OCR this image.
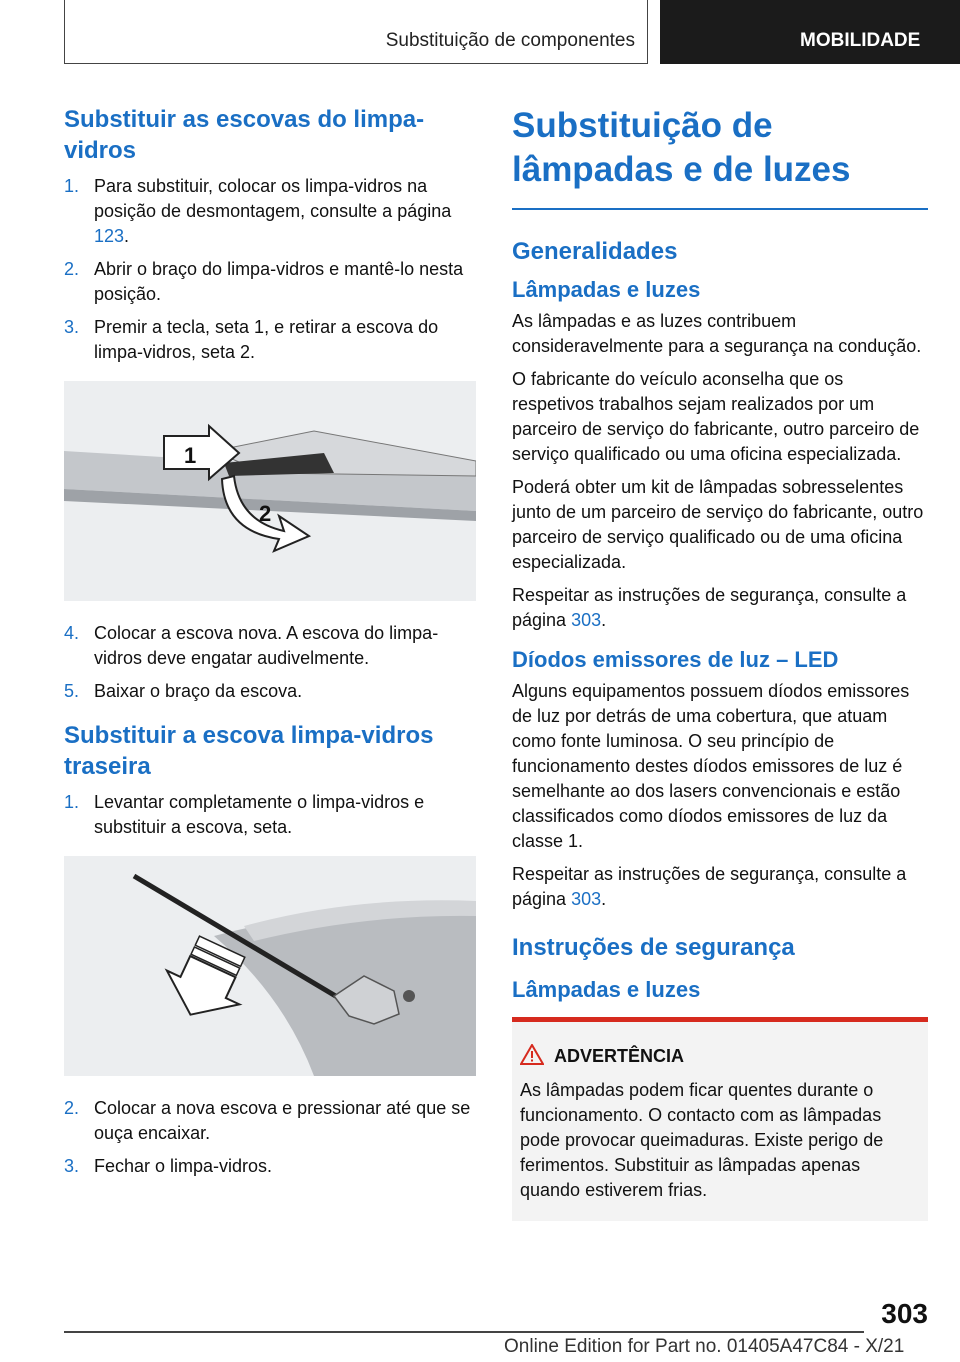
Substituição de componentes	MOBILIDADE
Substituir as escovas do limpa-vidros
1. Para substituir, colocar os limpa-vidros na posição de desmontagem, consulte a página 123.
2. Abrir o braço do limpa-vidros e mantê-lo nesta posição.
3. Premir a tecla, seta 1, e retirar a escova do limpa-vidros, seta 2.
1
2
4. Colocar a escova nova. A escova do limpa-vidros deve engatar audivelmente.
5. Baixar o braço da escova.
Substituir a escova limpa-vidros traseira
1. Levantar completamente o limpa-vidros e substituir a escova, seta.
2. Colocar a nova escova e pressionar até que se ouça encaixar.
3. Fechar o limpa-vidros.
Substituição de lâmpadas e de luzes
Generalidades
Lâmpadas e luzes

As lâmpadas e as luzes contribuem consideravelmente para a segurança na condução.

O fabricante do veículo aconselha que os respetivos trabalhos sejam realizados por um parceiro de serviço do fabricante, outro parceiro de serviço qualificado ou uma oficina especializada.

Poderá obter um kit de lâmpadas sobresselentes junto de um parceiro de serviço do fabricante, outro parceiro de serviço qualificado ou de uma oficina especializada.

Respeitar as instruções de segurança, consulte a página 303.

Díodos emissores de luz – LED

Alguns equipamentos possuem díodos emissores de luz por detrás de uma cobertura, que atuam como fonte luminosa. O seu princípio de funcionamento destes díodos emissores de luz é semelhante ao dos lasers convencionais e estão classificados como díodos emissores de luz da classe 1.

Respeitar as instruções de segurança, consulte a página 303.

Instruções de segurança
Lâmpadas e luzes
ADVERTÊNCIA

As lâmpadas podem ficar quentes durante o funcionamento. O contacto com as lâmpadas pode provocar queimaduras. Existe perigo de ferimentos. Substituir as lâmpadas apenas quando estiverem frias.

303
Online Edition for Part no. 01405A47C84 - X/21
